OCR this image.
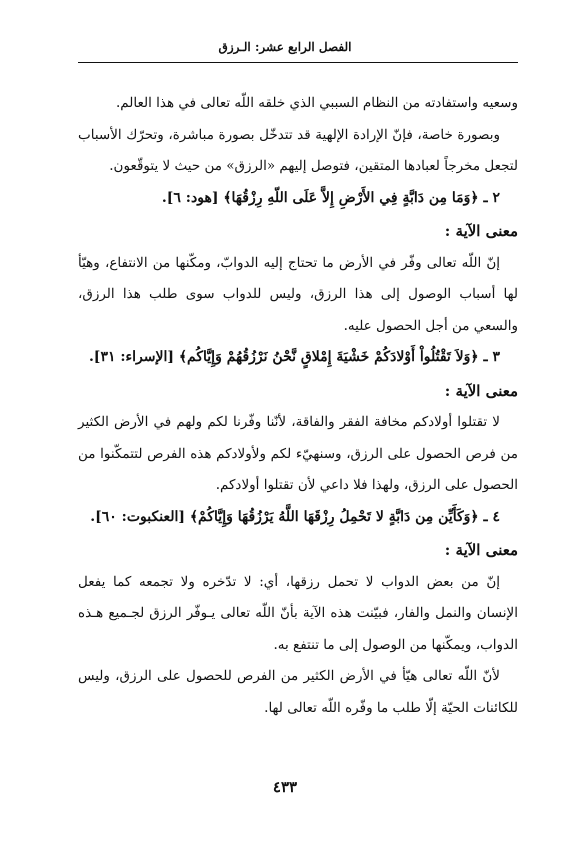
الفصل الرابع عشر: الـرزق

وسعيه واستفادته من النظام السببي الذي خلقه اللّه تعالى في هذا العالم.

وبصورة خاصة، فإنّ الإرادة الإلهية قد تتدخّل بصورة مباشرة، وتحرّك الأسباب لتجعل مخرجاً لعبادها المتقين، فتوصل إليهم «الرزق» من حيث لا يتوقّعون.

٢ ـ ﴿وَمَا مِن دَابَّةٍ فِي الأَرْضِ إِلاَّ عَلَى اللّهِ رِزْقُهَا﴾ [هود: ٦].

معنى الآية :

إنّ اللّه تعالى وفّر في الأرض ما تحتاج إليه الدوابّ، ومكّنها من الانتفاع، وهيّأ لها أسباب الوصول إلى هذا الرزق، وليس للدواب سوى طلب هذا الرزق، والسعي من أجل الحصول عليه.

٣ ـ ﴿وَلاَ تَقْتُلُواْ أَوْلادَكُمْ خَشْيَةَ إِمْلاقٍ نَّحْنُ نَرْزُقُهُمْ وَإِيَّاكُم﴾ [الإسراء: ٣١].

معنى الآية :

لا تقتلوا أولادكم مخافة الفقر والفاقة، لأنّنا وفّرنا لكم ولهم في الأرض الكثير من فرص الحصول على الرزق، وسنهيّء لكم ولأولادكم هذه الفرص لتتمكّنوا من الحصول على الرزق، ولهذا فلا داعي لأن تقتلوا أولادكم.

٤ ـ ﴿وَكَأَيِّن مِن دَابَّةٍ لا تَحْمِلُ رِزْقَهَا اللَّهُ يَرْزُقُهَا وَإِيَّاكُمْ﴾ [العنكبوت: ٦٠].

معنى الآية :

إنّ من بعض الدواب لا تحمل رزقها، أي: لا تدّخره ولا تجمعه كما يفعل الإنسان والنمل والفار، فبيّنت هذه الآية بأنّ اللّه تعالى يـوفّر الرزق لجـميع هـذه الدواب، ويمكّنها من الوصول إلى ما تنتفع به.

لأنّ اللّه تعالى هيّأ في الأرض الكثير من الفرص للحصول على الرزق، وليس للكائنات الحيّة إلّا طلب ما وفّره اللّه تعالى لها.

٤٣٣
